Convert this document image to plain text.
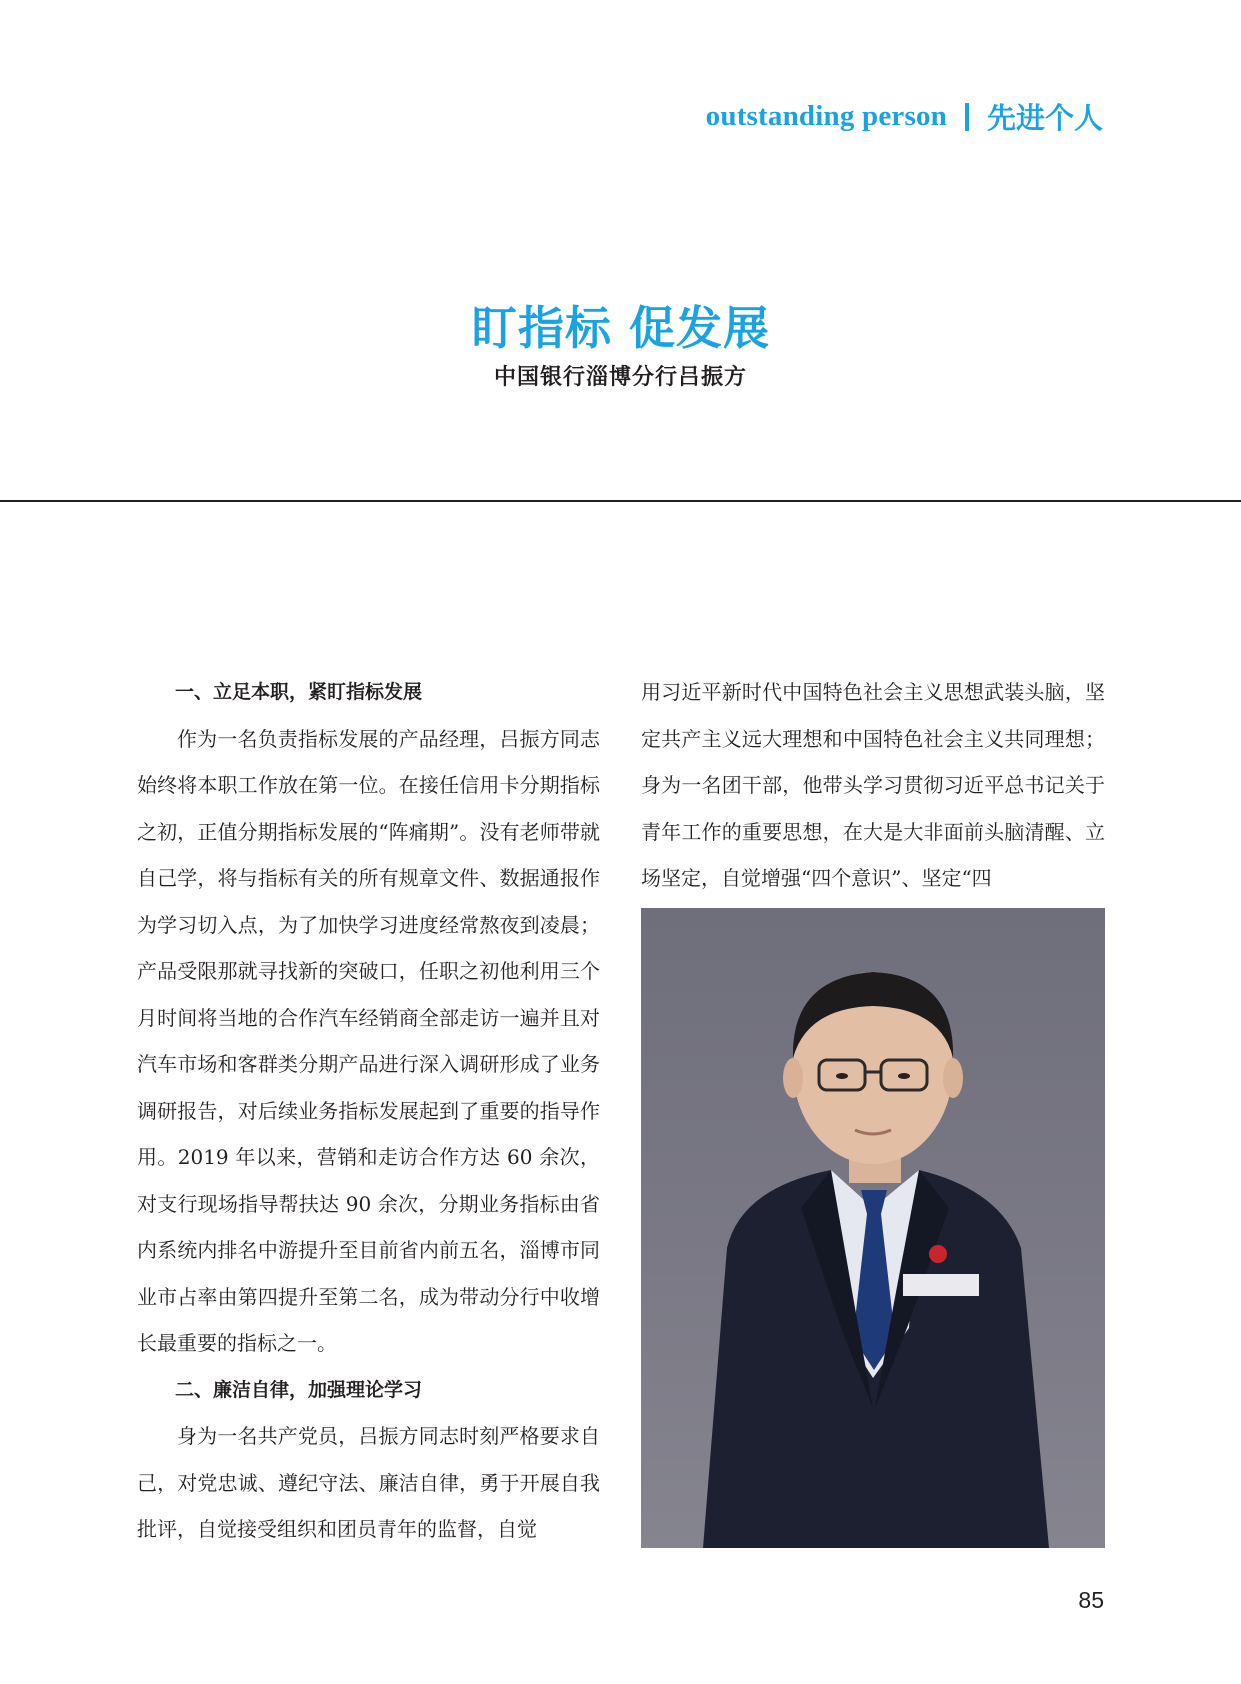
outstanding person 先进个人
盯指标 促发展
中国银行淄博分行吕振方

一、立足本职，紧盯指标发展

作为一名负责指标发展的产品经理，吕振方同志始终将本职工作放在第一位。在接任信用卡分期指标之初，正值分期指标发展的“阵痛期”。没有老师带就自己学，将与指标有关的所有规章文件、数据通报作为学习切入点，为了加快学习进度经常熬夜到凌晨；产品受限那就寻找新的突破口，任职之初他利用三个月时间将当地的合作汽车经销商全部走访一遍并且对汽车市场和客群类分期产品进行深入调研形成了业务调研报告，对后续业务指标发展起到了重要的指导作用。2019 年以来，营销和走访合作方达 60 余次，对支行现场指导帮扶达 90 余次，分期业务指标由省内系统内排名中游提升至目前省内前五名，淄博市同业市占率由第四提升至第二名，成为带动分行中收增长最重要的指标之一。

二、廉洁自律，加强理论学习

身为一名共产党员，吕振方同志时刻严格要求自己，对党忠诚、遵纪守法、廉洁自律，勇于开展自我批评，自觉接受组织和团员青年的监督，自觉

用习近平新时代中国特色社会主义思想武装头脑，坚定共产主义远大理想和中国特色社会主义共同理想；身为一名团干部，他带头学习贯彻习近平总书记关于青年工作的重要思想，在大是大非面前头脑清醒、立场坚定，自觉增强“四个意识”、坚定“四

85
